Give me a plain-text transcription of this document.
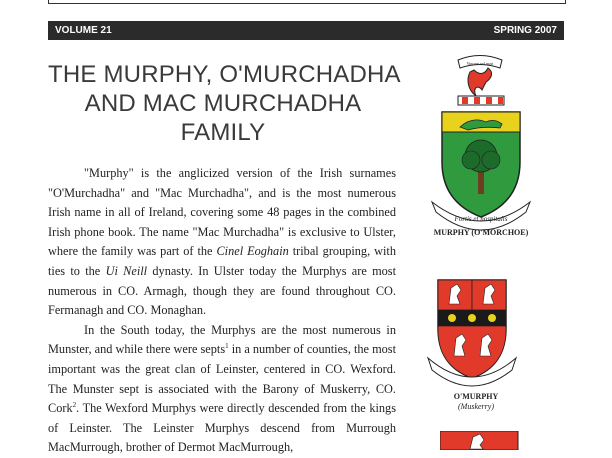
VOLUME 21	SPRING 2007
THE MURPHY, O'MURCHADHA
AND MAC MURCHADHA
FAMILY

"Murphy" is the anglicized version of the Irish surnames "O'Murchadha" and "Mac Murchadha", and is the most numerous Irish name in all of Ireland, covering some 48 pages in the combined Irish phone book. The name "Mac Murchadha" is exclusive to Ulster, where the family was part of the Cinel Eoghain tribal grouping, with ties to the Ui Neill dynasty. In Ulster today the Murphys are most numerous in CO. Armagh, though they are found throughout CO. Fermanagh and CO. Monaghan.

In the South today, the Murphys are the most numerous in Munster, and while there were septs$^1$ in a number of counties, the most important was the great clan of Leinster, centered in CO. Wexford. The Munster sept is associated with the Barony of Muskerry, CO. Cork$^2$. The Wexford Murphys were directly descended from the kings of Leinster. The Leinster Murphys descend from Murrough MacMurrough, brother of Dermot MacMurrough,

Vincere vel mori
Fortis et hospitalis
MURPHY (O'MORCHOE)
O'MURPHY
(Muskerry)
